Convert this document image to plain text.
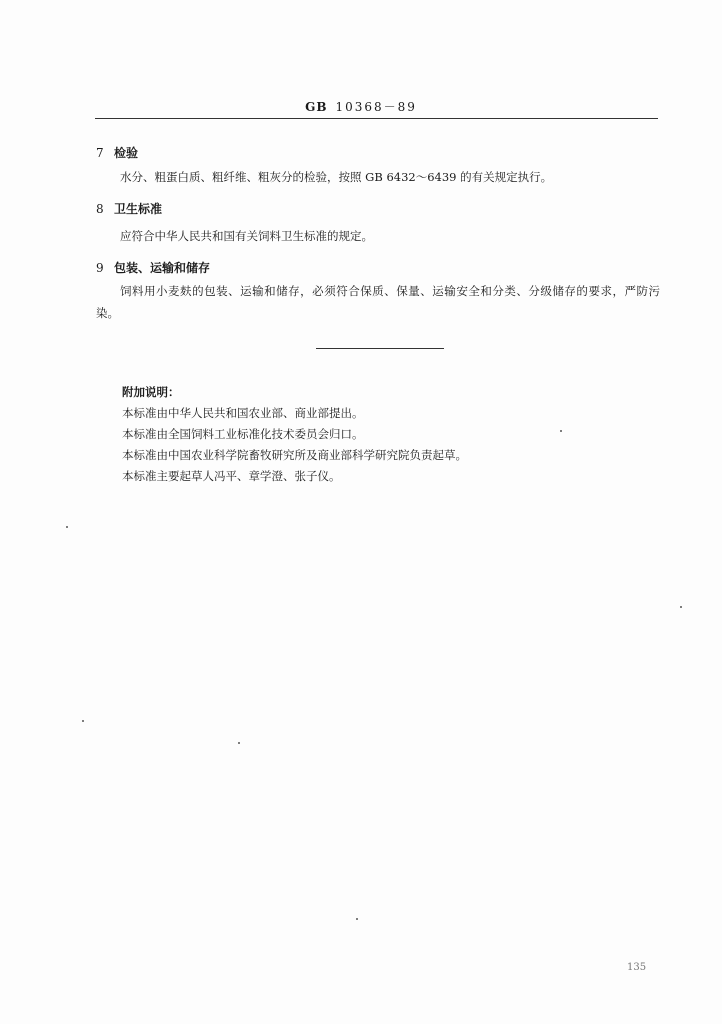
GB 10368－89
7 检验
水分、粗蛋白质、粗纤维、粗灰分的检验，按照 GB 6432～6439 的有关规定执行。
8 卫生标准
应符合中华人民共和国有关饲料卫生标准的规定。
9 包装、运输和储存
饲料用小麦麸的包装、运输和储存，必须符合保质、保量、运输安全和分类、分级储存的要求，严防污染。
附加说明：
本标准由中华人民共和国农业部、商业部提出。
本标准由全国饲料工业标准化技术委员会归口。
本标准由中国农业科学院畜牧研究所及商业部科学研究院负责起草。
本标准主要起草人冯平、章学澄、张子仪。
135
